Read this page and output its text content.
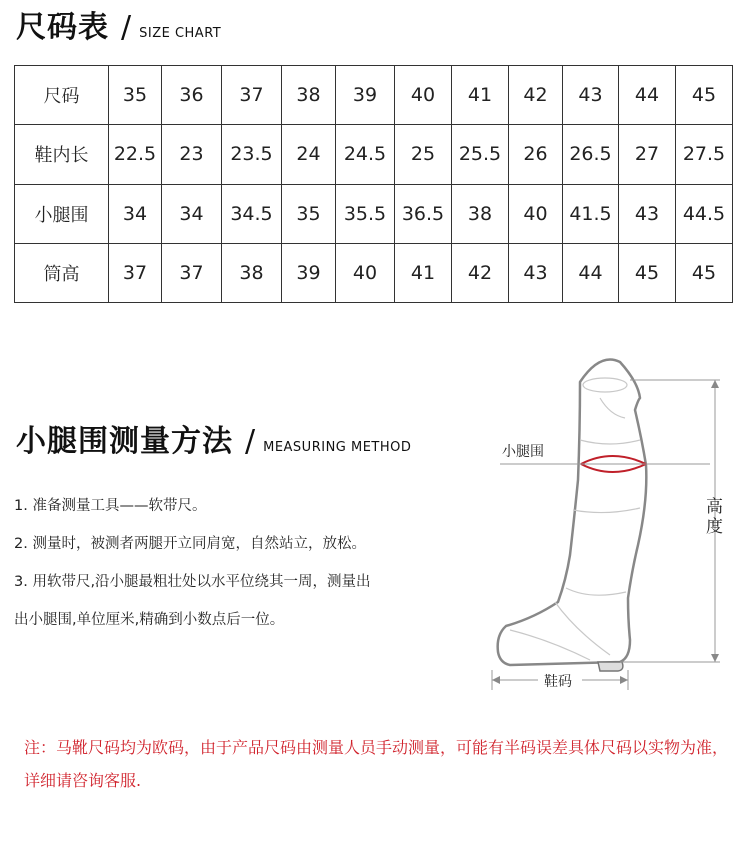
尺码表 / SIZE CHART
尺码	35	36	37	38	39	40	41	42	43	44	45
鞋内长	22.5	23	23.5	24	24.5	25	25.5	26	26.5	27	27.5
小腿围	34	34	34.5	35	35.5	36.5	38	40	41.5	43	44.5
筒高	37	37	38	39	40	41	42	43	44	45	45
小腿围测量方法 / MEASURING METHOD

1. 准备测量工具——软带尺。

2. 测量时，被测者两腿开立同肩宽，自然站立，放松。

3. 用软带尺,沿小腿最粗壮处以水平位绕其一周，测量出

出小腿围,单位厘米,精确到小数点后一位。

小腿围
高
度
鞋码
注：马靴尺码均为欧码，由于产品尺码由测量人员手动测量，可能有半码误差具体尺码以实物为准，详细请咨询客服.
